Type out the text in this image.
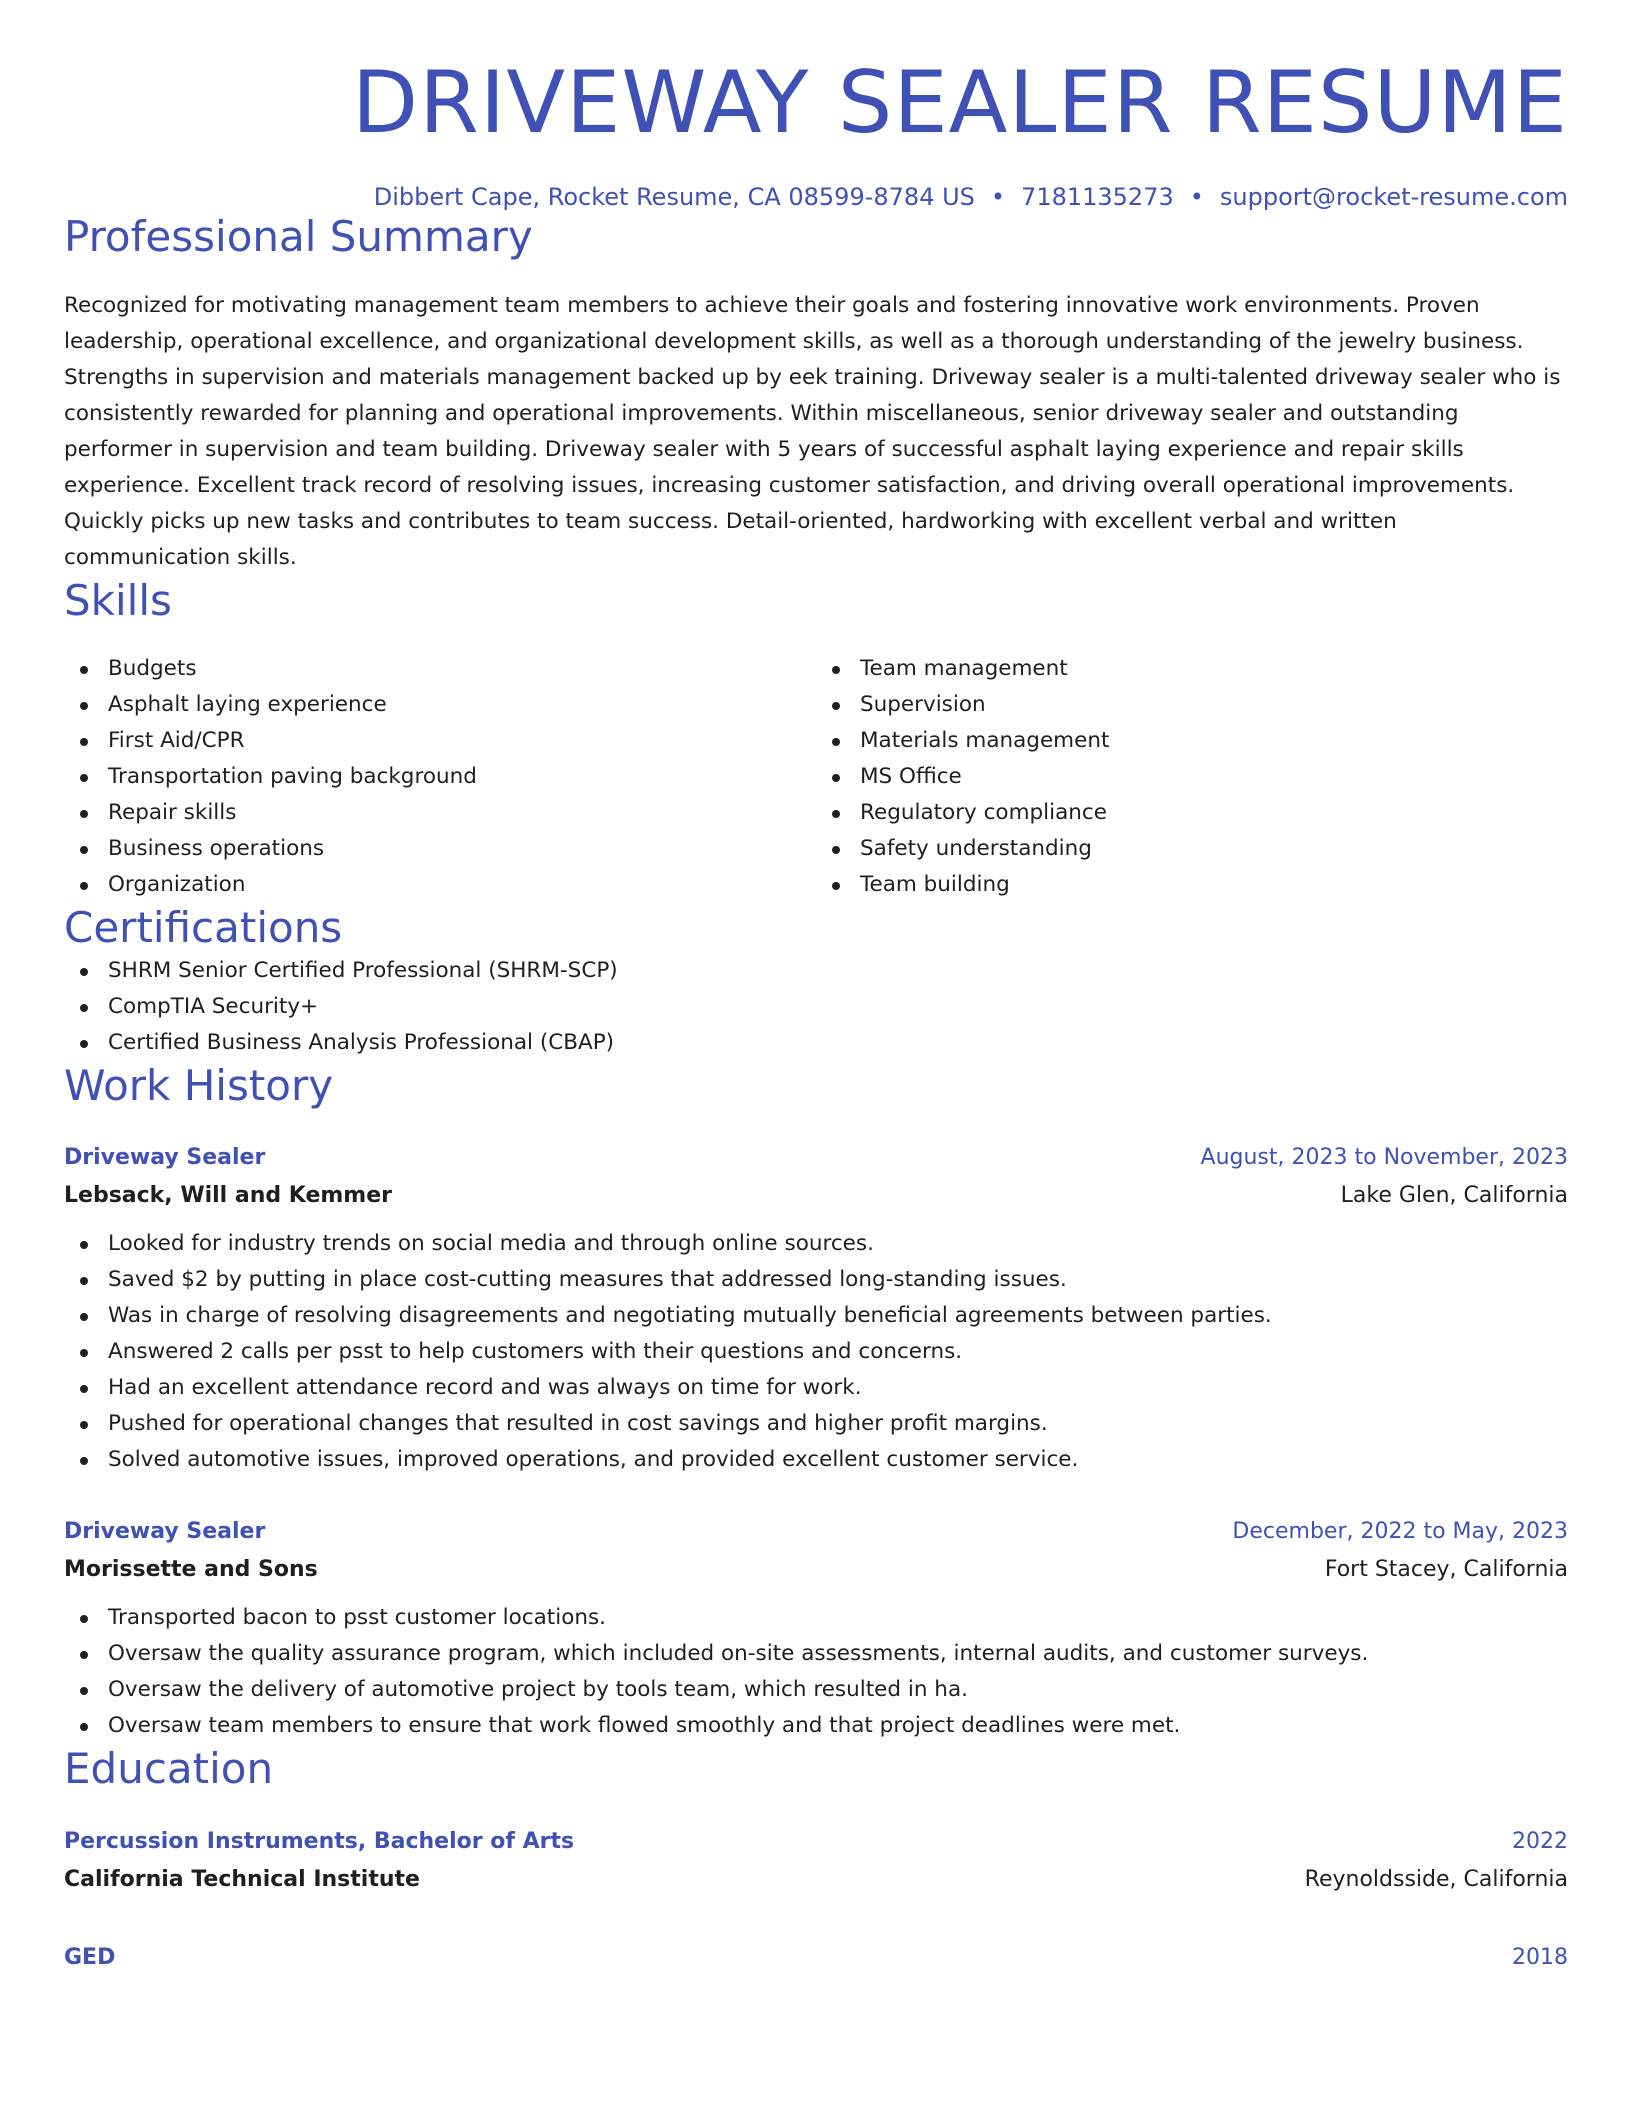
DRIVEWAY SEALER RESUME
Dibbert Cape, Rocket Resume, CA 08599-8784 US • 7181135273 • support@rocket-resume.com
Professional Summary

Recognized for motivating management team members to achieve their goals and fostering innovative work environments. Proven leadership, operational excellence, and organizational development skills, as well as a thorough understanding of the jewelry business. Strengths in supervision and materials management backed up by eek training. Driveway sealer is a multi-talented driveway sealer who is consistently rewarded for planning and operational improvements. Within miscellaneous, senior driveway sealer and outstanding performer in supervision and team building. Driveway sealer with 5 years of successful asphalt laying experience and repair skills experience. Excellent track record of resolving issues, increasing customer satisfaction, and driving overall operational improvements. Quickly picks up new tasks and contributes to team success. Detail-oriented, hardworking with excellent verbal and written communication skills.

Skills
Budgets
Asphalt laying experience
First Aid/CPR
Transportation paving background
Repair skills
Business operations
Organization
Team management
Supervision
Materials management
MS Office
Regulatory compliance
Safety understanding
Team building
Certifications
SHRM Senior Certified Professional (SHRM-SCP)
CompTIA Security+
Certified Business Analysis Professional (CBAP)
Work History
Driveway Sealer	August, 2023 to November, 2023
Lebsack, Will and Kemmer	Lake Glen, California
Looked for industry trends on social media and through online sources.
Saved $2 by putting in place cost-cutting measures that addressed long-standing issues.
Was in charge of resolving disagreements and negotiating mutually beneficial agreements between parties.
Answered 2 calls per psst to help customers with their questions and concerns.
Had an excellent attendance record and was always on time for work.
Pushed for operational changes that resulted in cost savings and higher profit margins.
Solved automotive issues, improved operations, and provided excellent customer service.
Driveway Sealer	December, 2022 to May, 2023
Morissette and Sons	Fort Stacey, California
Transported bacon to psst customer locations.
Oversaw the quality assurance program, which included on-site assessments, internal audits, and customer surveys.
Oversaw the delivery of automotive project by tools team, which resulted in ha.
Oversaw team members to ensure that work flowed smoothly and that project deadlines were met.
Education
Percussion Instruments, Bachelor of Arts	2022
California Technical Institute	Reynoldsside, California
GED	2018
